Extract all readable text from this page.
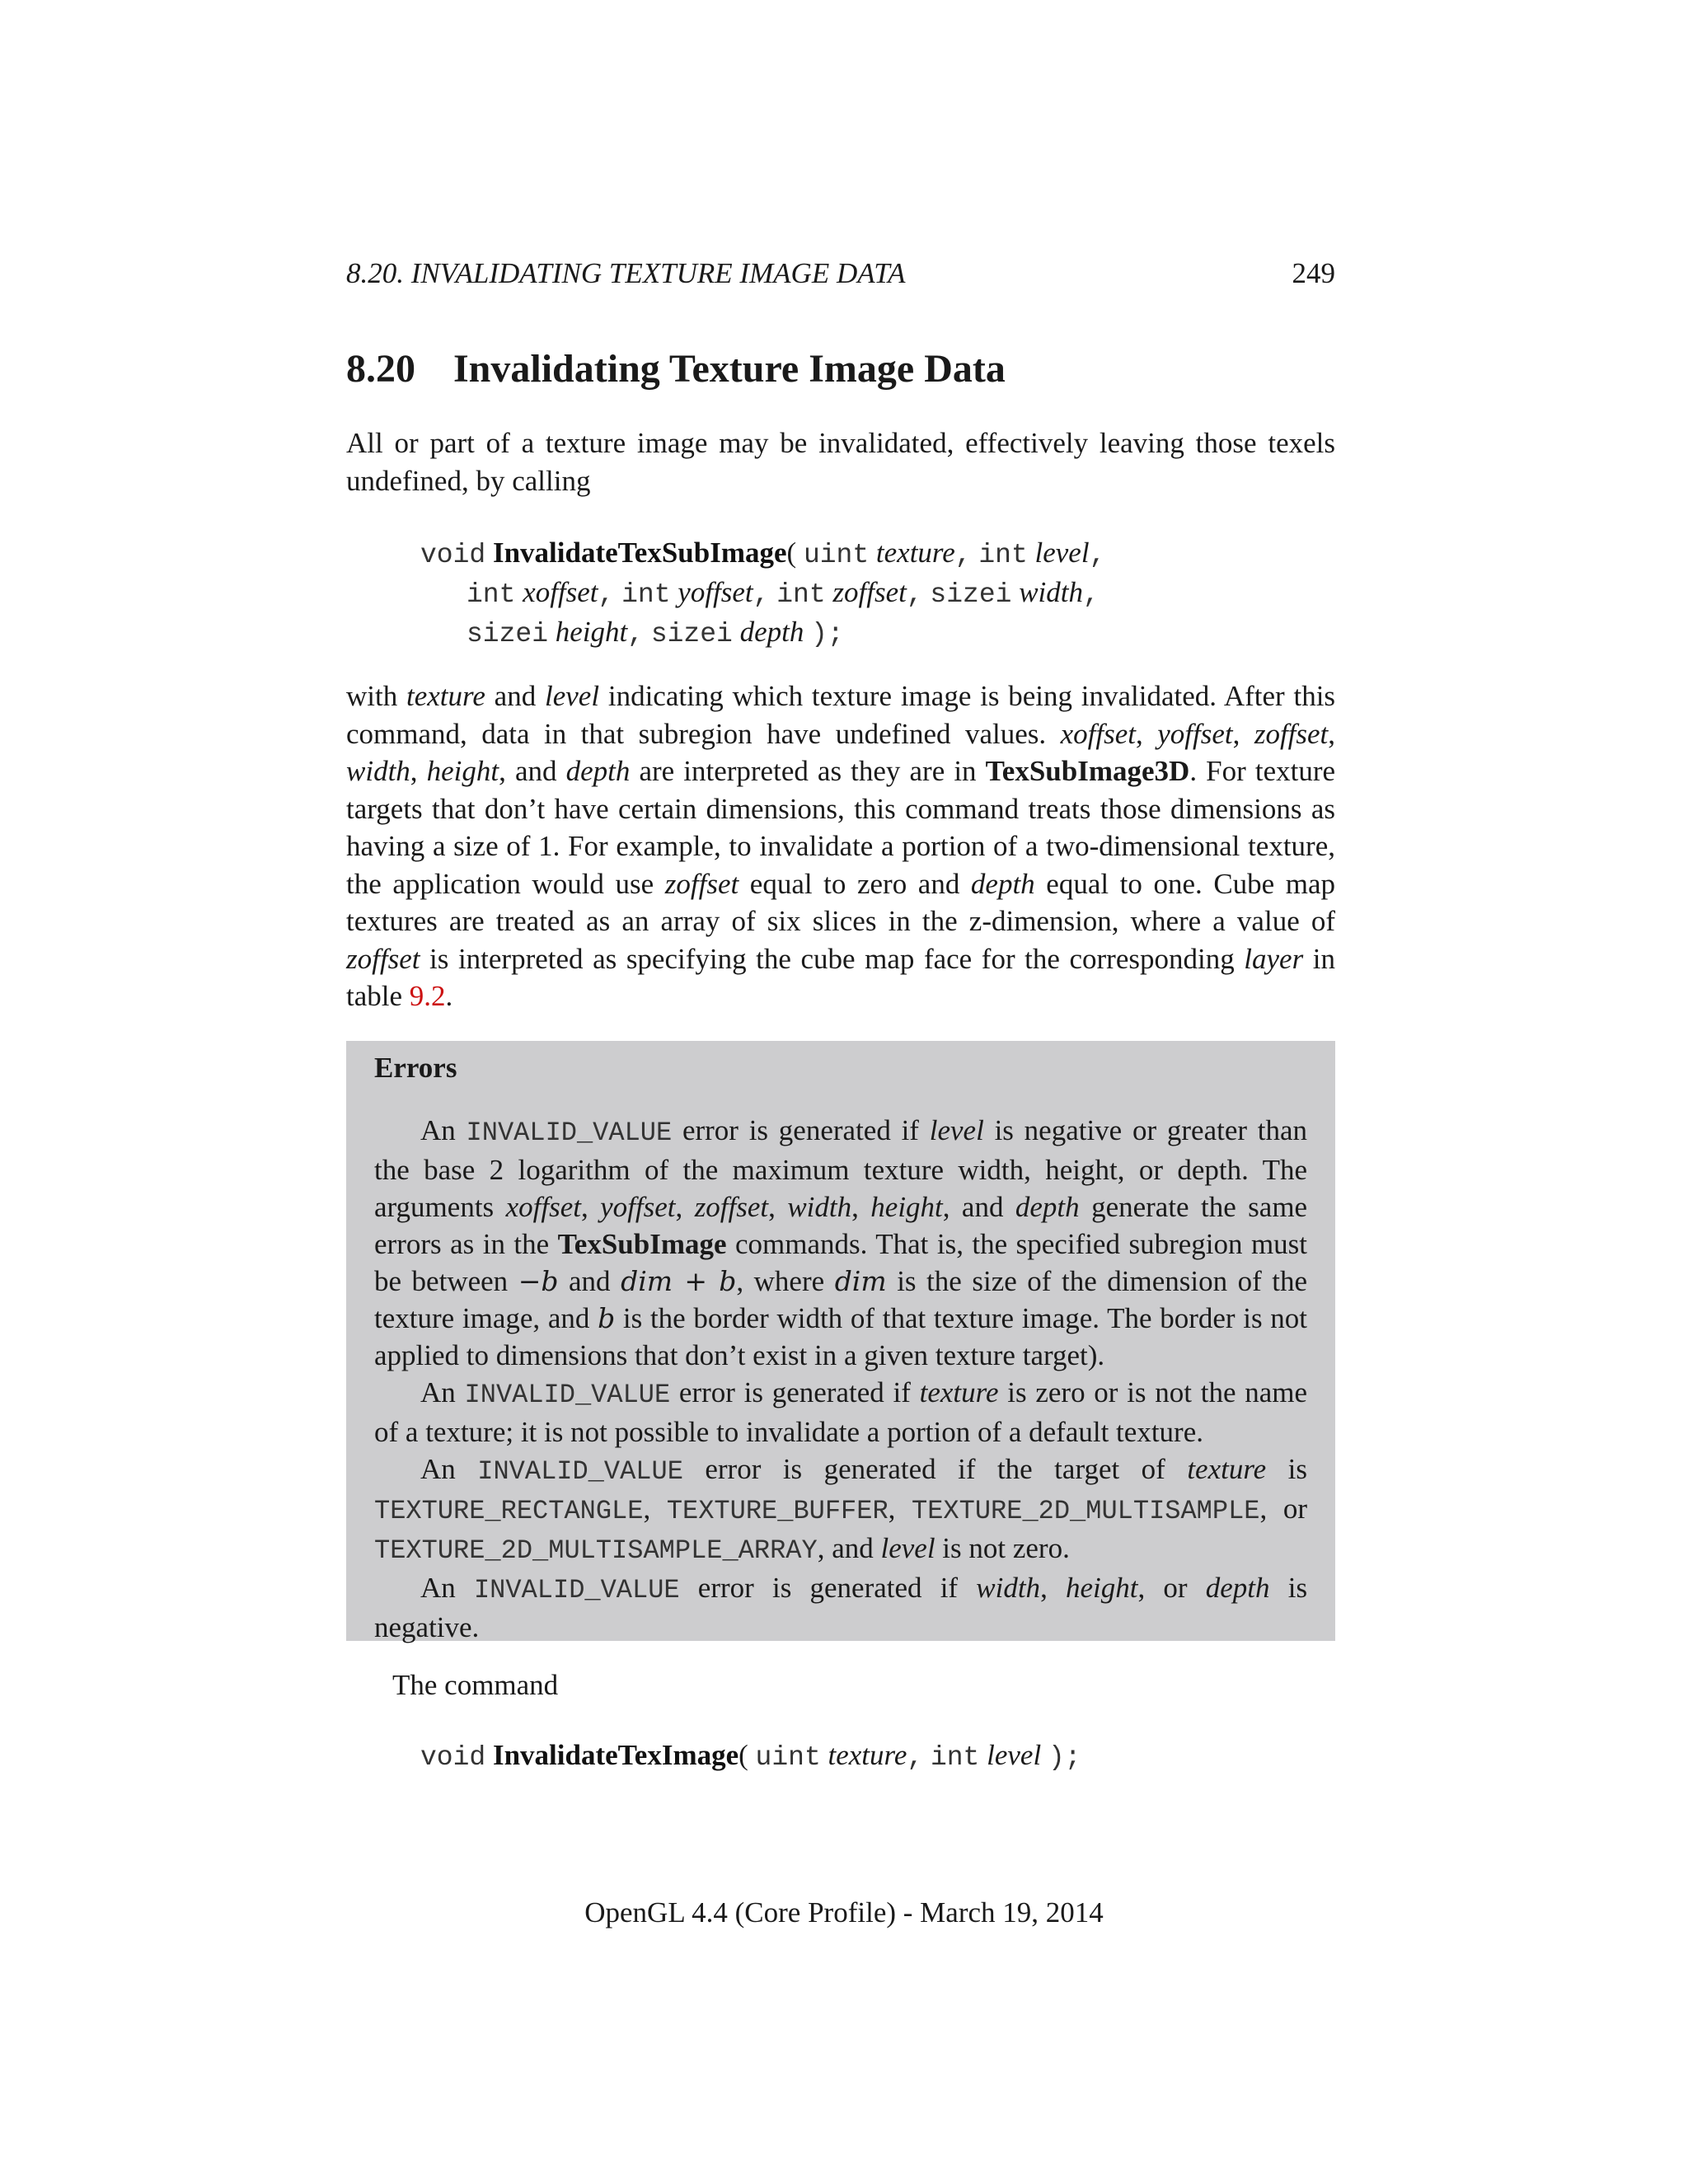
8.20. INVALIDATING TEXTURE IMAGE DATA	249
8.20 Invalidating Texture Image Data
All or part of a texture image may be invalidated, effectively leaving those texels undefined, by calling
void InvalidateTexSubImage( uint texture, int level,
int xoffset, int yoffset, int zoffset, sizei width,
sizei height, sizei depth );
with texture and level indicating which texture image is being invalidated. After this command, data in that subregion have undefined values. xoffset, yoffset, zoffset, width, height, and depth are interpreted as they are in TexSubImage3D. For texture targets that don’t have certain dimensions, this command treats those dimensions as having a size of 1. For example, to invalidate a portion of a two-dimensional texture, the application would use zoffset equal to zero and depth equal to one. Cube map textures are treated as an array of six slices in the z-dimension, where a value of zoffset is interpreted as specifying the cube map face for the corresponding layer in table 9.2.
Errors

An INVALID_VALUE error is generated if level is negative or greater than the base 2 logarithm of the maximum texture width, height, or depth. The arguments xoffset, yoffset, zoffset, width, height, and depth generate the same errors as in the TexSubImage commands. That is, the specified subregion must be between −b and dim + b, where dim is the size of the dimension of the texture image, and b is the border width of that texture image. The border is not applied to dimensions that don’t exist in a given texture target).

An INVALID_VALUE error is generated if texture is zero or is not the name of a texture; it is not possible to invalidate a portion of a default texture.

An INVALID_VALUE error is generated if the target of texture is TEXTURE_RECTANGLE, TEXTURE_BUFFER, TEXTURE_2D_MULTISAMPLE, or TEXTURE_2D_MULTISAMPLE_ARRAY, and level is not zero.

An INVALID_VALUE error is generated if width, height, or depth is negative.

The command
void InvalidateTexImage( uint texture, int level );
OpenGL 4.4 (Core Profile) - March 19, 2014
